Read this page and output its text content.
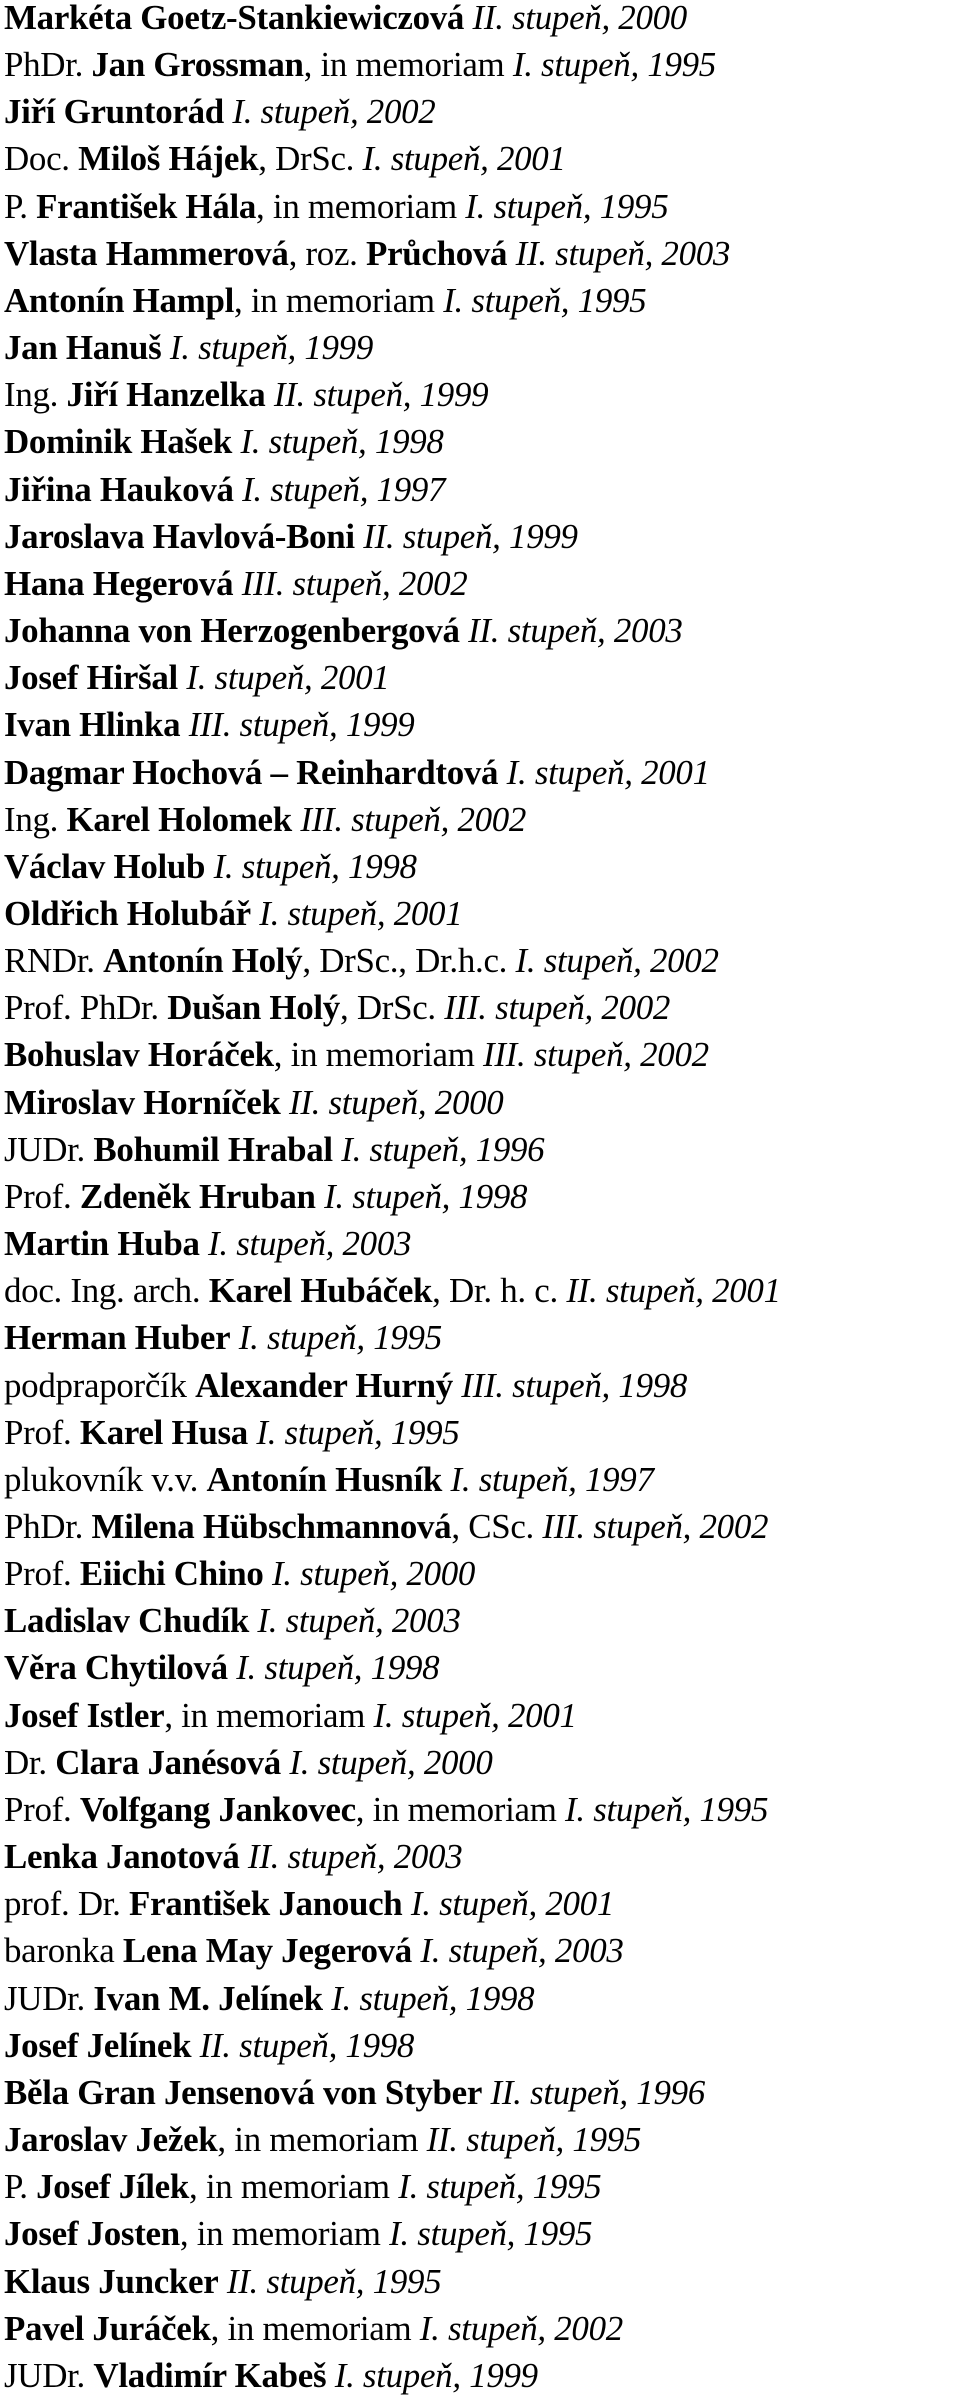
Markéta Goetz-Stankiewiczová II. stupeň, 2000
PhDr. Jan Grossman, in memoriam I. stupeň, 1995
Jiří Gruntorád I. stupeň, 2002
Doc. Miloš Hájek, DrSc. I. stupeň, 2001
P. František Hála, in memoriam I. stupeň, 1995
Vlasta Hammerová, roz. Průchová II. stupeň, 2003
Antonín Hampl, in memoriam I. stupeň, 1995
Jan Hanuš I. stupeň, 1999
Ing. Jiří Hanzelka II. stupeň, 1999
Dominik Hašek I. stupeň, 1998
Jiřina Hauková I. stupeň, 1997
Jaroslava Havlová-Boni II. stupeň, 1999
Hana Hegerová III. stupeň, 2002
Johanna von Herzogenbergová II. stupeň, 2003
Josef Hiršal I. stupeň, 2001
Ivan Hlinka III. stupeň, 1999
Dagmar Hochová – Reinhardtová I. stupeň, 2001
Ing. Karel Holomek III. stupeň, 2002
Václav Holub I. stupeň, 1998
Oldřich Holubář I. stupeň, 2001
RNDr. Antonín Holý, DrSc., Dr.h.c. I. stupeň, 2002
Prof. PhDr. Dušan Holý, DrSc. III. stupeň, 2002
Bohuslav Horáček, in memoriam III. stupeň, 2002
Miroslav Horníček II. stupeň, 2000
JUDr. Bohumil Hrabal I. stupeň, 1996
Prof. Zdeněk Hruban I. stupeň, 1998
Martin Huba I. stupeň, 2003
doc. Ing. arch. Karel Hubáček, Dr. h. c. II. stupeň, 2001
Herman Huber I. stupeň, 1995
podpraporčík Alexander Hurný III. stupeň, 1998
Prof. Karel Husa I. stupeň, 1995
plukovník v.v. Antonín Husník I. stupeň, 1997
PhDr. Milena Hübschmannová, CSc. III. stupeň, 2002
Prof. Eiichi Chino I. stupeň, 2000
Ladislav Chudík I. stupeň, 2003
Věra Chytilová I. stupeň, 1998
Josef Istler, in memoriam I. stupeň, 2001
Dr. Clara Janésová I. stupeň, 2000
Prof. Volfgang Jankovec, in memoriam I. stupeň, 1995
Lenka Janotová II. stupeň, 2003
prof. Dr. František Janouch I. stupeň, 2001
baronka Lena May Jegerová I. stupeň, 2003
JUDr. Ivan M. Jelínek I. stupeň, 1998
Josef Jelínek II. stupeň, 1998
Běla Gran Jensenová von Styber II. stupeň, 1996
Jaroslav Ježek, in memoriam II. stupeň, 1995
P. Josef Jílek, in memoriam I. stupeň, 1995
Josef Josten, in memoriam I. stupeň, 1995
Klaus Juncker II. stupeň, 1995
Pavel Juráček, in memoriam I. stupeň, 2002
JUDr. Vladimír Kabeš I. stupeň, 1999
